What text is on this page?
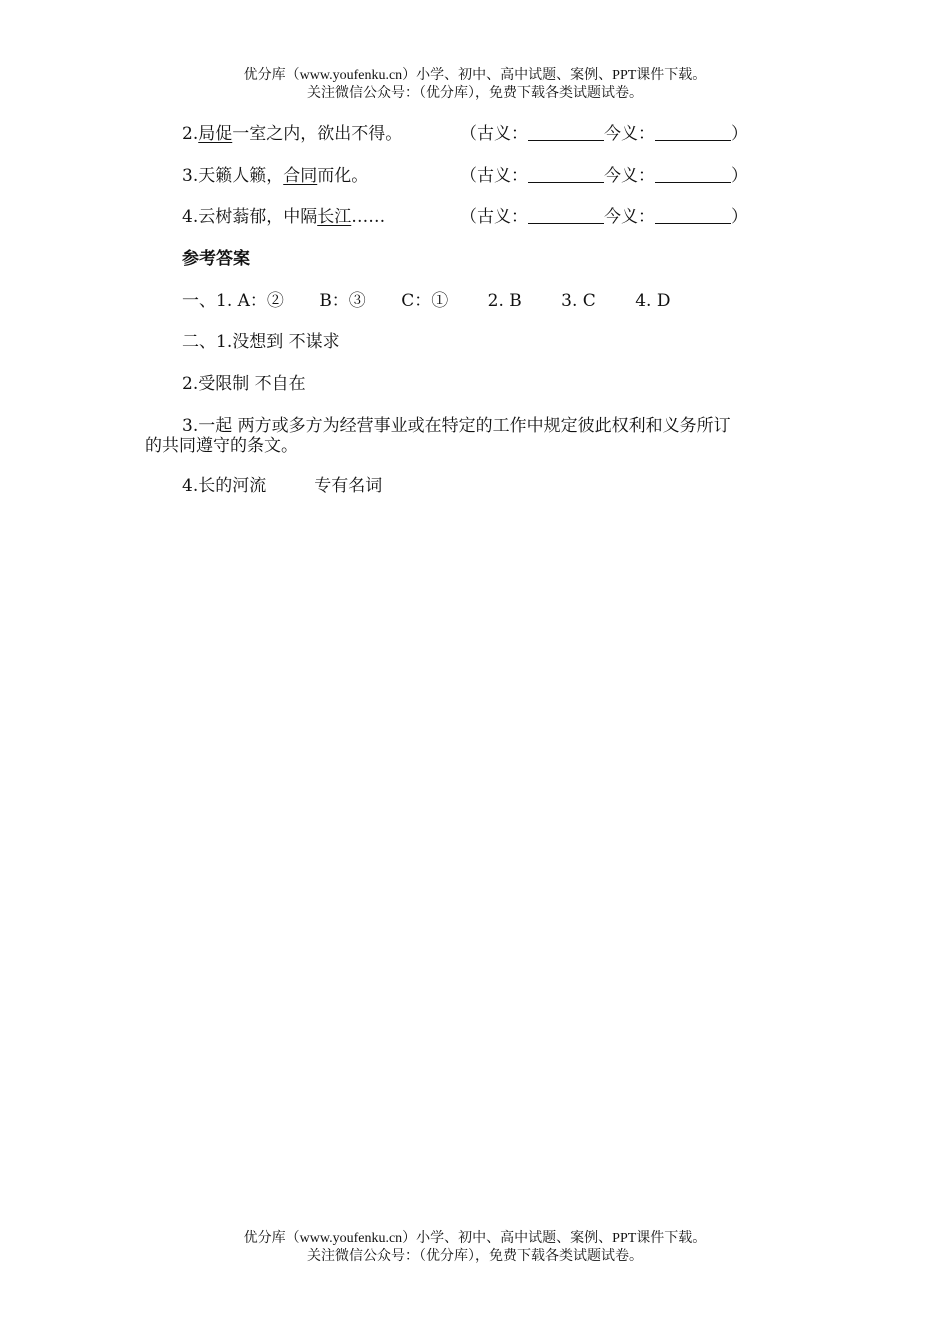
优分库（www.youfenku.cn）小学、初中、高中试题、案例、PPT课件下载。
关注微信公众号：（优分库），免费下载各类试题试卷。
2.局促一室之内，欲出不得。	（古义：	今义：	）
3.天籁人籁，合同而化。	（古义：	今义：	）
4.云树蓊郁，中隔长江……	（古义：	今义：	）
参考答案
一、1. A：② B：③ C：① 2. B 3. C 4. D
二、1.没想到 不谋求
2.受限制 不自在
3.一起 两方或多方为经营事业或在特定的工作中规定彼此权利和义务所订
的共同遵守的条文。
4.长的河流	专有名词
优分库（www.youfenku.cn）小学、初中、高中试题、案例、PPT课件下载。
关注微信公众号：（优分库），免费下载各类试题试卷。
